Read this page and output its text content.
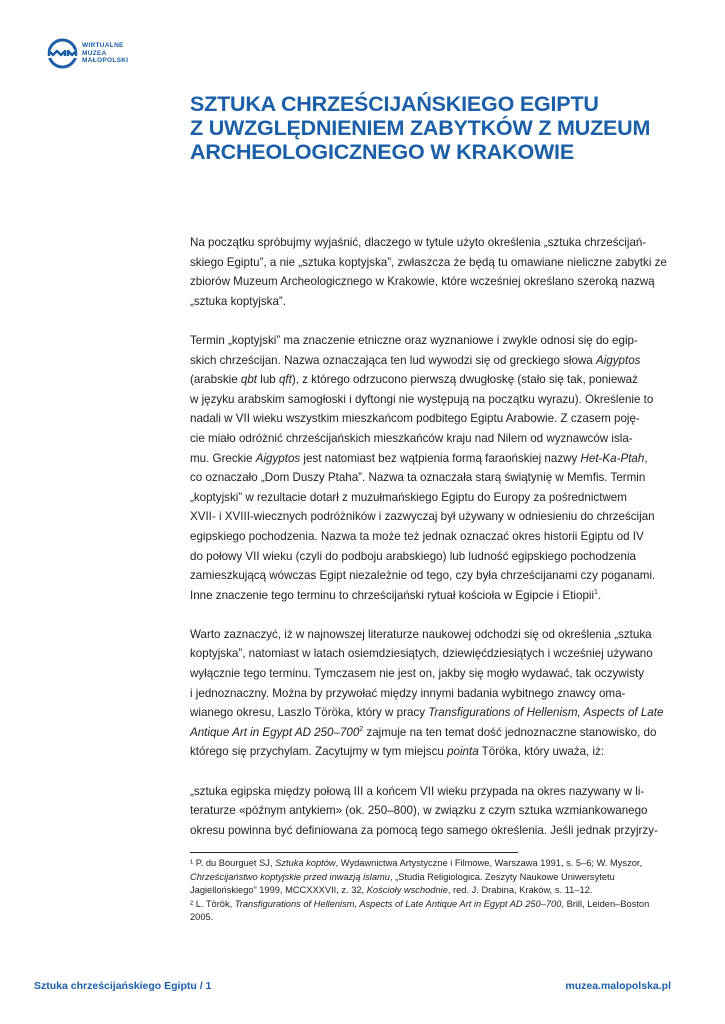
WIRTUALNE
MUZEA
MAŁOPOLSKI
SZTUKA CHRZEŚCIJAŃSKIEGO EGIPTU
Z UWZGLĘDNIENIEM ZABYTKÓW Z MUZEUM
ARCHEOLOGICZNEGO W KRAKOWIE

Na początku spróbujmy wyjaśnić, dlaczego w tytule użyto określenia „sztuka chrześcijań-
skiego Egiptu”, a nie „sztuka koptyjska”, zwłaszcza że będą tu omawiane nieliczne zabytki ze
zbiorów Muzeum Archeologicznego w Krakowie, które wcześniej określano szeroką nazwą
„sztuka koptyjska”.

Termin „koptyjski” ma znaczenie etniczne oraz wyznaniowe i zwykle odnosi się do egip-
skich chrześcijan. Nazwa oznaczająca ten lud wywodzi się od greckiego słowa Aigyptos
(arabskie qbt lub qft), z którego odrzucono pierwszą dwugłoskę (stało się tak, ponieważ
w języku arabskim samogłoski i dyftongi nie występują na początku wyrazu). Określenie to
nadali w VII wieku wszystkim mieszkańcom podbitego Egiptu Arabowie. Z czasem poję-
cie miało odróżnić chrześcijańskich mieszkańców kraju nad Nilem od wyznawców isla-
mu. Greckie Aigyptos jest natomiast bez wątpienia formą faraońskiej nazwy Het-Ka-Ptah,
co oznaczało „Dom Duszy Ptaha”. Nazwa ta oznaczała starą świątynię w Memfis. Termin
„koptyjski” w rezultacie dotarł z muzułmańskiego Egiptu do Europy za pośrednictwem
XVII- i XVIII-wiecznych podróżników i zazwyczaj był używany w odniesieniu do chrześcijan
egipskiego pochodzenia. Nazwa ta może też jednak oznaczać okres historii Egiptu od IV
do połowy VII wieku (czyli do podboju arabskiego) lub ludność egipskiego pochodzenia
zamieszkującą wówczas Egipt niezależnie od tego, czy była chrześcijanami czy poganami.
Inne znaczenie tego terminu to chrześcijański rytuał kościoła w Egipcie i Etiopii$^1$.

Warto zaznaczyć, iż w najnowszej literaturze naukowej odchodzi się od określenia „sztuka
koptyjska”, natomiast w latach osiemdziesiątych, dziewięćdziesiątych i wcześniej używano
wyłącznie tego terminu. Tymczasem nie jest on, jakby się mogło wydawać, tak oczywisty
i jednoznaczny. Można by przywołać między innymi badania wybitnego znawcy oma-
wianego okresu, Laszlo Töröka, który w pracy Transfigurations of Hellenism, Aspects of Late
Antique Art in Egypt AD $250-700^2$ zajmuje na ten temat dość jednoznaczne stanowisko, do
którego się przychylam. Zacytujmy w tym miejscu pointa Töröka, który uważa, iż:

„sztuka egipska między połową III a końcem VII wieku przypada na okres nazywany w li-
teraturze «późnym antykiem» (ok. 250–800), w związku z czym sztuka wzmiankowanego
okresu powinna być definiowana za pomocą tego samego określenia. Jeśli jednak przyjrzy-

¹ P. du Bourguet SJ, Sztuka koptów, Wydawnictwa Artystyczne i Filmowe, Warszawa 1991, s. 5–6; W. Myszor,
Chrześcijaństwo koptyjskie przed inwazją islamu, „Studia Religiologica. Zeszyty Naukowe Uniwersytetu
Jagiellońskiego” 1999, MCCXXXVII, z. 32, Kościoły wschodnie, red. J. Drabina, Kraków, s. 11–12.

² L. Török, Transfigurations of Hellenism, Aspects of Late Antique Art in Egypt AD 250–700, Brill, Leiden–Boston
2005.

Sztuka chrześcijańskiego Egiptu / 1	muzea.malopolska.pl
